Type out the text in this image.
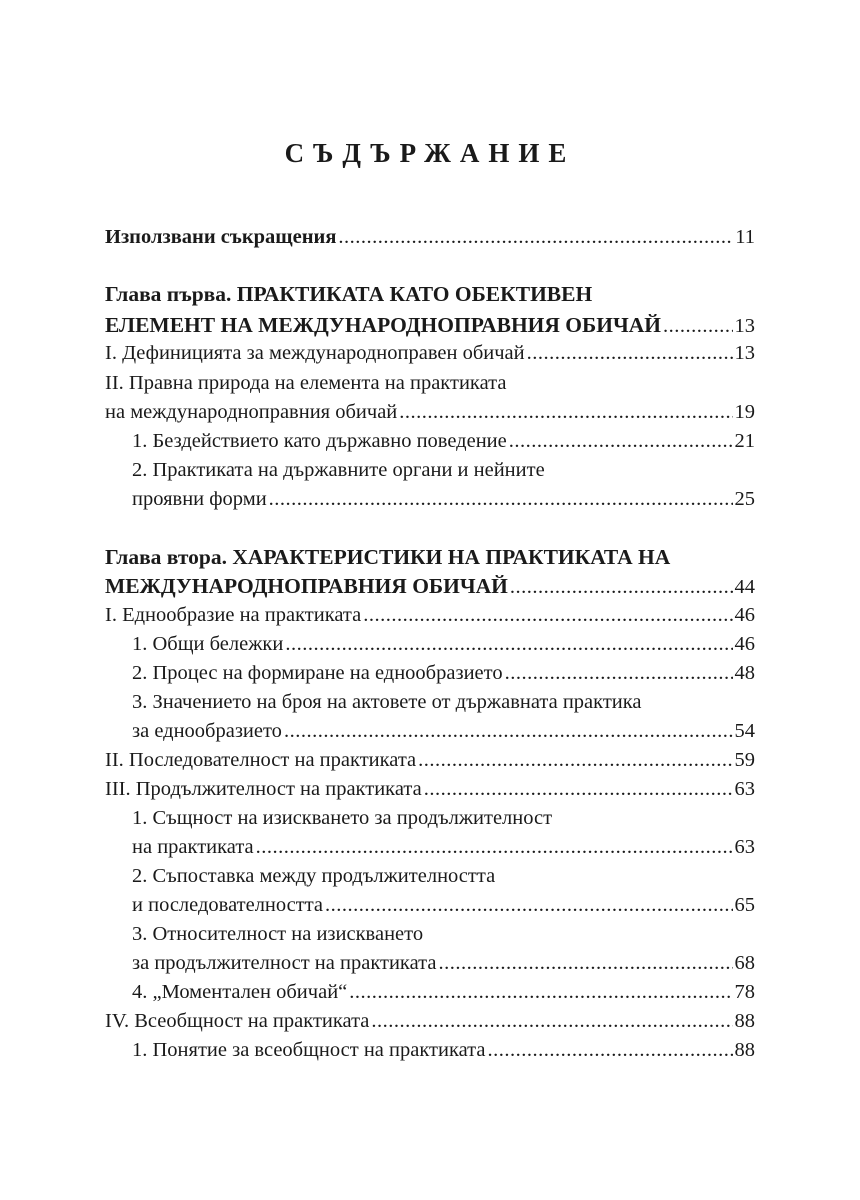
СЪДЪРЖАНИЕ
Използвани съкращения .....	11
Глава първа. ПРАКТИКАТА КАТО ОБЕКТИВЕН
ЕЛЕМЕНТ НА МЕЖДУНАРОДНОПРАВНИЯ ОБИЧАЙ .....	13
I. Дефиницията за международноправен обичай .....	13
II. Правна природа на елемента на практиката
на международноправния обичай .....	19
1. Бездействието като държавно поведение .....	21
2. Практиката на държавните органи и нейните
проявни форми .....	25
Глава втора. ХАРАКТЕРИСТИКИ НА ПРАКТИКАТА НА
МЕЖДУНАРОДНОПРАВНИЯ ОБИЧАЙ .....	44
I. Еднообразие на практиката .....	46
1. Общи бележки .....	46
2. Процес на формиране на еднообразието .....	48
3. Значението на броя на актовете от държавната практика
за еднообразието .....	54
II. Последователност на практиката .....	59
III. Продължителност на практиката .....	63
1. Същност на изискването за продължителност
на практиката .....	63
2. Съпоставка между продължителността
и последователността .....	65
3. Относителност на изискването
за продължителност на практиката .....	68
4. „Моментален обичай“ .....	78
IV. Всеобщност на практиката .....	88
1. Понятие за всеобщност на практиката .....	88
